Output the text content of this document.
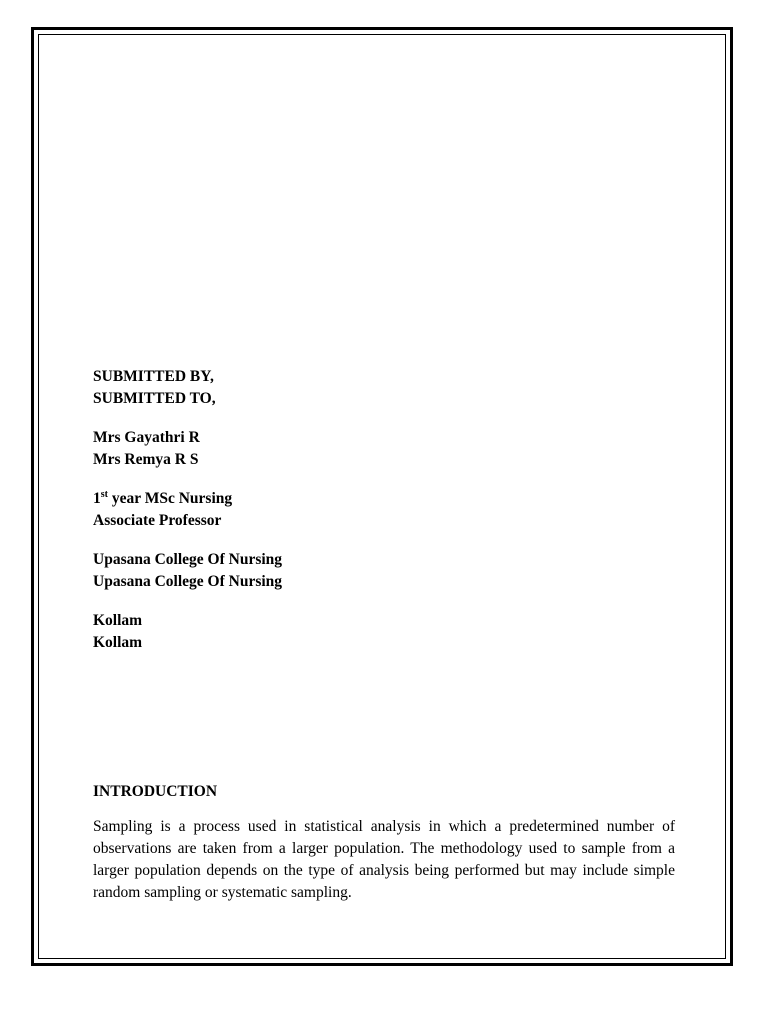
SUBMITTED BY,
SUBMITTED TO,
Mrs Gayathri R
Mrs Remya R S
1st year MSc Nursing
Associate Professor
Upasana College Of Nursing
Upasana College Of Nursing
Kollam
Kollam
INTRODUCTION

Sampling is a process used in statistical analysis in which a predetermined number of observations are taken from a larger population. The methodology used to sample from a larger population depends on the type of analysis being performed but may include simple random sampling or systematic sampling.
